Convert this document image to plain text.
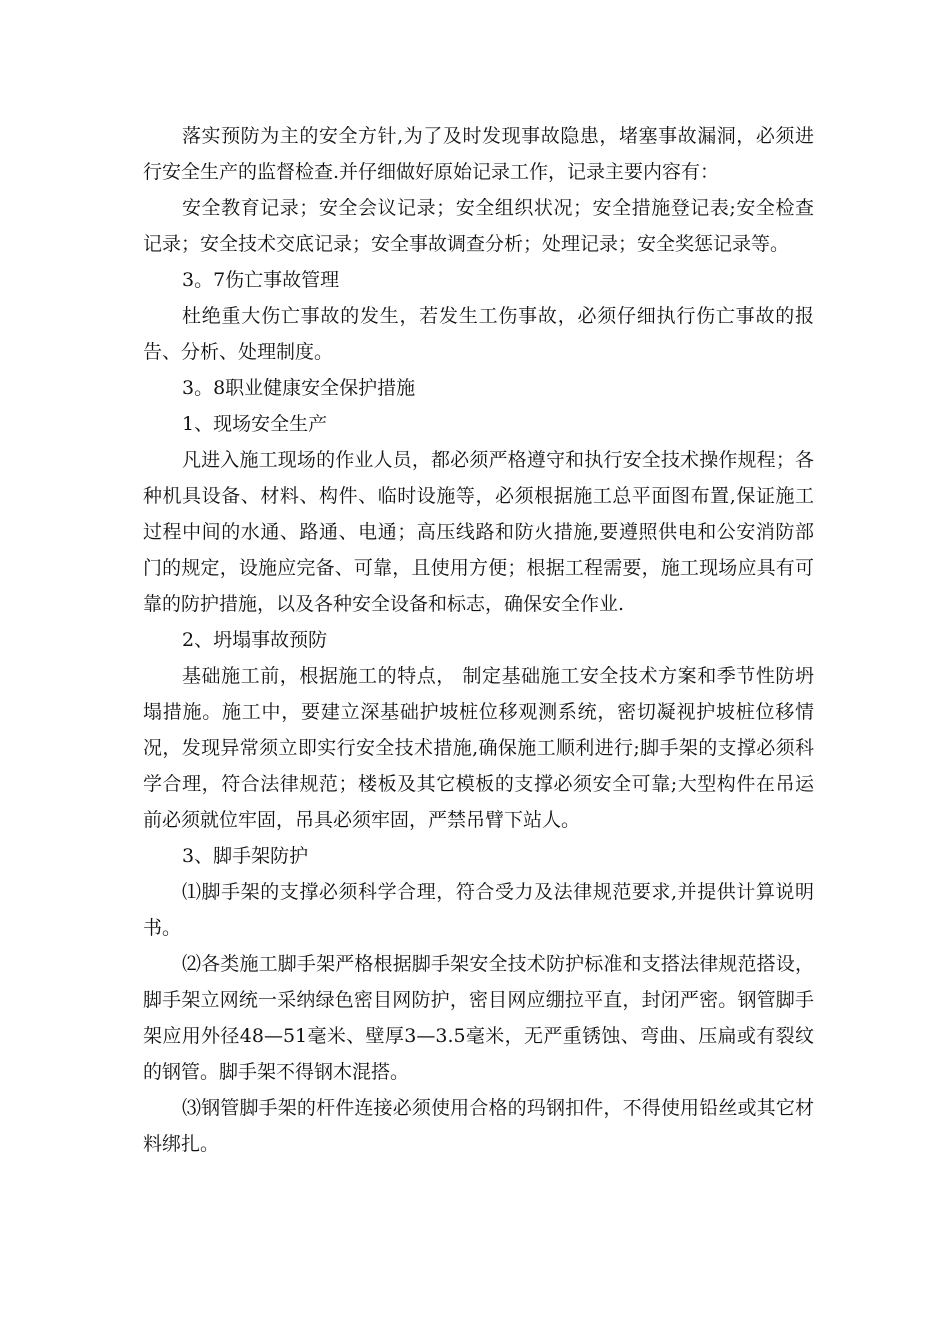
落实预防为主的安全方针,为了及时发现事故隐患，堵塞事故漏洞，必须进行安全生产的监督检查.并仔细做好原始记录工作，记录主要内容有：

安全教育记录；安全会议记录；安全组织状况；安全措施登记表;安全检查记录；安全技术交底记录；安全事故调查分析；处理记录；安全奖惩记录等。

3。7伤亡事故管理

杜绝重大伤亡事故的发生，若发生工伤事故，必须仔细执行伤亡事故的报告、分析、处理制度。

3。8职业健康安全保护措施

1、现场安全生产

凡进入施工现场的作业人员，都必须严格遵守和执行安全技术操作规程；各种机具设备、材料、构件、临时设施等，必须根据施工总平面图布置,保证施工过程中间的水通、路通、电通；高压线路和防火措施,要遵照供电和公安消防部门的规定，设施应完备、可靠，且使用方便；根据工程需要，施工现场应具有可靠的防护措施，以及各种安全设备和标志，确保安全作业.

2、坍塌事故预防

基础施工前，根据施工的特点， 制定基础施工安全技术方案和季节性防坍塌措施。施工中，要建立深基础护坡桩位移观测系统，密切凝视护坡桩位移情况，发现异常须立即实行安全技术措施,确保施工顺利进行;脚手架的支撑必须科学合理，符合法律规范；楼板及其它模板的支撑必须安全可靠;大型构件在吊运前必须就位牢固，吊具必须牢固，严禁吊臂下站人。

3、脚手架防护

⑴脚手架的支撑必须科学合理，符合受力及法律规范要求,并提供计算说明书。

⑵各类施工脚手架严格根据脚手架安全技术防护标准和支搭法律规范搭设，脚手架立网统一采纳绿色密目网防护，密目网应绷拉平直，封闭严密。钢管脚手架应用外径48—51毫米、壁厚3—3.5毫米，无严重锈蚀、弯曲、压扁或有裂纹的钢管。脚手架不得钢木混搭。

⑶钢管脚手架的杆件连接必须使用合格的玛钢扣件，不得使用铅丝或其它材料绑扎。
